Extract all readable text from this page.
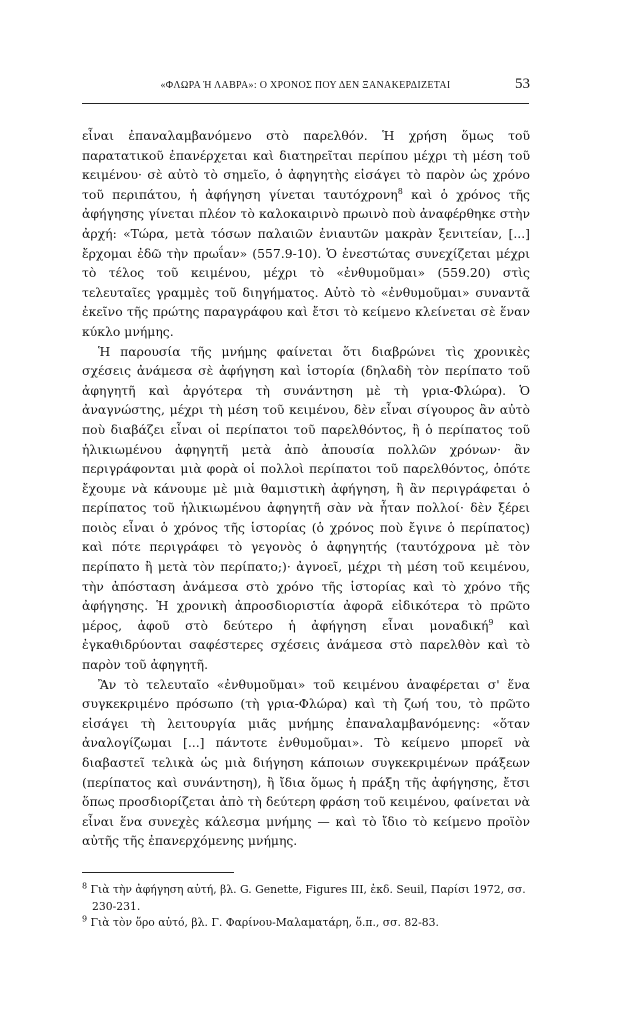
«ΦΛΩΡΑ Ή ΛΑΒΡΑ»: Ο ΧΡΟΝΟΣ ΠΟΥ ΔΕΝ ΞΑΝΑΚΕΡΔΙΖΕΤΑΙ	53

εἶναι ἐπαναλαμβανόμενο στὸ παρελθόν. Ἡ χρήση ὅμως τοῦ παρατατικοῦ ἐπανέρχεται καὶ διατηρεῖται περίπου μέχρι τὴ μέση τοῦ κειμένου· σὲ αὐτὸ τὸ σημεῖο, ὁ ἀφηγητὴς εἰσάγει τὸ παρὸν ὡς χρόνο τοῦ περιπάτου, ἡ ἀφήγηση γίνεται ταυτόχρονη$^8$ καὶ ὁ χρόνος τῆς ἀφήγησης γίνεται πλέον τὸ καλοκαιρινὸ πρωινὸ ποὺ ἀναφέρθηκε στὴν ἀρχή: «Τώρα, μετὰ τόσων παλαιῶν ἐνιαυτῶν μακρὰν ξενιτείαν, [...] ἔρχομαι ἐδῶ τὴν πρωΐαν» (557.9-10). Ὁ ἐνεστώτας συνεχίζεται μέχρι τὸ τέλος τοῦ κειμένου, μέχρι τὸ «ἐνθυμοῦμαι» (559.20) στὶς τελευταῖες γραμμὲς τοῦ διηγήματος. Αὐτὸ τὸ «ἐνθυμοῦμαι» συναντᾶ ἐκεῖνο τῆς πρώτης παραγράφου καὶ ἔτσι τὸ κείμενο κλείνεται σὲ ἕναν κύκλο μνήμης.

Ἡ παρουσία τῆς μνήμης φαίνεται ὅτι διαβρώνει τὶς χρονικὲς σχέσεις ἀνάμεσα σὲ ἀφήγηση καὶ ἱστορία (δηλαδὴ τὸν περίπατο τοῦ ἀφηγητῆ καὶ ἀργότερα τὴ συνάντηση μὲ τὴ γρια-Φλώρα). Ὁ ἀναγνώστης, μέχρι τὴ μέση τοῦ κειμένου, δὲν εἶναι σίγουρος ἂν αὐτὸ ποὺ διαβάζει εἶναι οἱ περίπατοι τοῦ παρελθόντος, ἢ ὁ περίπατος τοῦ ἡλικιωμένου ἀφηγητῆ μετὰ ἀπὸ ἀπουσία πολλῶν χρόνων· ἂν περιγράφονται μιὰ φορὰ οἱ πολλοὶ περίπατοι τοῦ παρελθόντος, ὁπότε ἔχουμε νὰ κάνουμε μὲ μιὰ θαμιστικὴ ἀφήγηση, ἢ ἂν περιγράφεται ὁ περίπατος τοῦ ἡλικιωμένου ἀφηγητῆ σὰν νὰ ἦταν πολλοί· δὲν ξέρει ποιὸς εἶναι ὁ χρόνος τῆς ἱστορίας (ὁ χρόνος ποὺ ἔγινε ὁ περίπατος) καὶ πότε περιγράφει τὸ γεγονὸς ὁ ἀφηγητής (ταυτόχρονα μὲ τὸν περίπατο ἢ μετὰ τὸν περίπατο;)· ἀγνοεῖ, μέχρι τὴ μέση τοῦ κειμένου, τὴν ἀπόσταση ἀνάμεσα στὸ χρόνο τῆς ἱστορίας καὶ τὸ χρόνο τῆς ἀφήγησης. Ἡ χρονικὴ ἀπροσδιοριστία ἀφορᾶ εἰδικότερα τὸ πρῶτο μέρος, ἀφοῦ στὸ δεύτερο ἡ ἀφήγηση εἶναι μοναδική$^9$ καὶ ἐγκαθιδρύονται σαφέστερες σχέσεις ἀνάμεσα στὸ παρελθὸν καὶ τὸ παρὸν τοῦ ἀφηγητῆ.

Ἂν τὸ τελευταῖο «ἐνθυμοῦμαι» τοῦ κειμένου ἀναφέρεται σ' ἕνα συγκεκριμένο πρόσωπο (τὴ γρια-Φλώρα) καὶ τὴ ζωή του, τὸ πρῶτο εἰσάγει τὴ λειτουργία μιᾶς μνήμης ἐπαναλαμβανόμενης: «ὅταν ἀναλογίζωμαι [...] πάντοτε ἐνθυμοῦμαι». Τὸ κείμενο μπορεῖ νὰ διαβαστεῖ τελικὰ ὡς μιὰ διήγηση κάποιων συγκεκριμένων πράξεων (περίπατος καὶ συνάντηση), ἢ ἴδια ὅμως ἡ πράξη τῆς ἀφήγησης, ἔτσι ὅπως προσδιορίζεται ἀπὸ τὴ δεύτερη φράση τοῦ κειμένου, φαίνεται νὰ εἶναι ἕνα συνεχὲς κάλεσμα μνήμης — καὶ τὸ ἴδιο τὸ κείμενο προϊὸν αὐτῆς τῆς ἐπανερχόμενης μνήμης.

$^8$ Γιὰ τὴν ἀφήγηση αὐτή, βλ. G. Genette, Figures III, ἐκδ. Seuil, Παρίσι 1972, σσ. 230-231.

$^9$ Γιὰ τὸν ὅρο αὐτό, βλ. Γ. Φαρίνου-Μαλαματάρη, ὅ.π., σσ. 82-83.
